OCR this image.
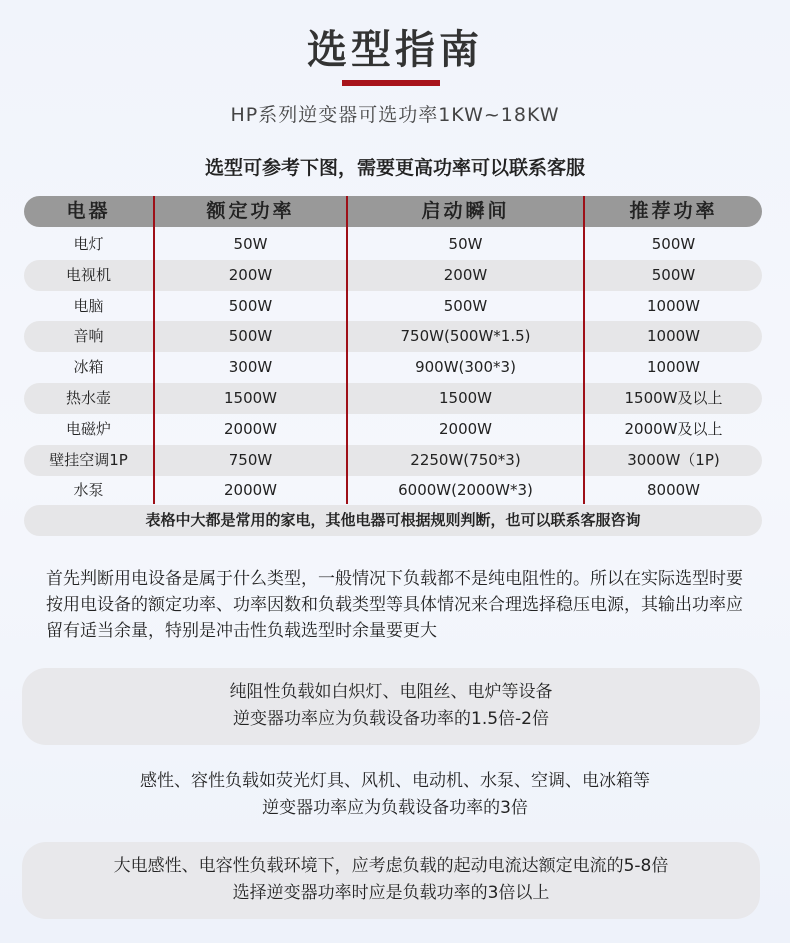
选型指南
HP系列逆变器可选功率1KW~18KW
选型可参考下图，需要更高功率可以联系客服
电器	额定功率	启动瞬间	推荐功率
电灯	50W	50W	500W
电视机	200W	200W	500W
电脑	500W	500W	1000W
音响	500W	750W(500W*1.5)	1000W
冰箱	300W	900W(300*3)	1000W
热水壶	1500W	1500W	1500W及以上
电磁炉	2000W	2000W	2000W及以上
壁挂空调1P	750W	2250W(750*3)	3000W（1P)
水泵	2000W	6000W(2000W*3)	8000W
表格中大都是常用的家电，其他电器可根据规则判断，也可以联系客服咨询
首先判断用电设备是属于什么类型，一般情况下负载都不是纯电阻性的。所以在实际选型时要按用电设备的额定功率、功率因数和负载类型等具体情况来合理选择稳压电源，其输出功率应留有适当余量，特别是冲击性负载选型时余量要更大
纯阻性负载如白炽灯、电阻丝、电炉等设备
逆变器功率应为负载设备功率的1.5倍-2倍
感性、容性负载如荧光灯具、风机、电动机、水泵、空调、电冰箱等
逆变器功率应为负载设备功率的3倍
大电感性、电容性负载环境下，应考虑负载的起动电流达额定电流的5-8倍
选择逆变器功率时应是负载功率的3倍以上
